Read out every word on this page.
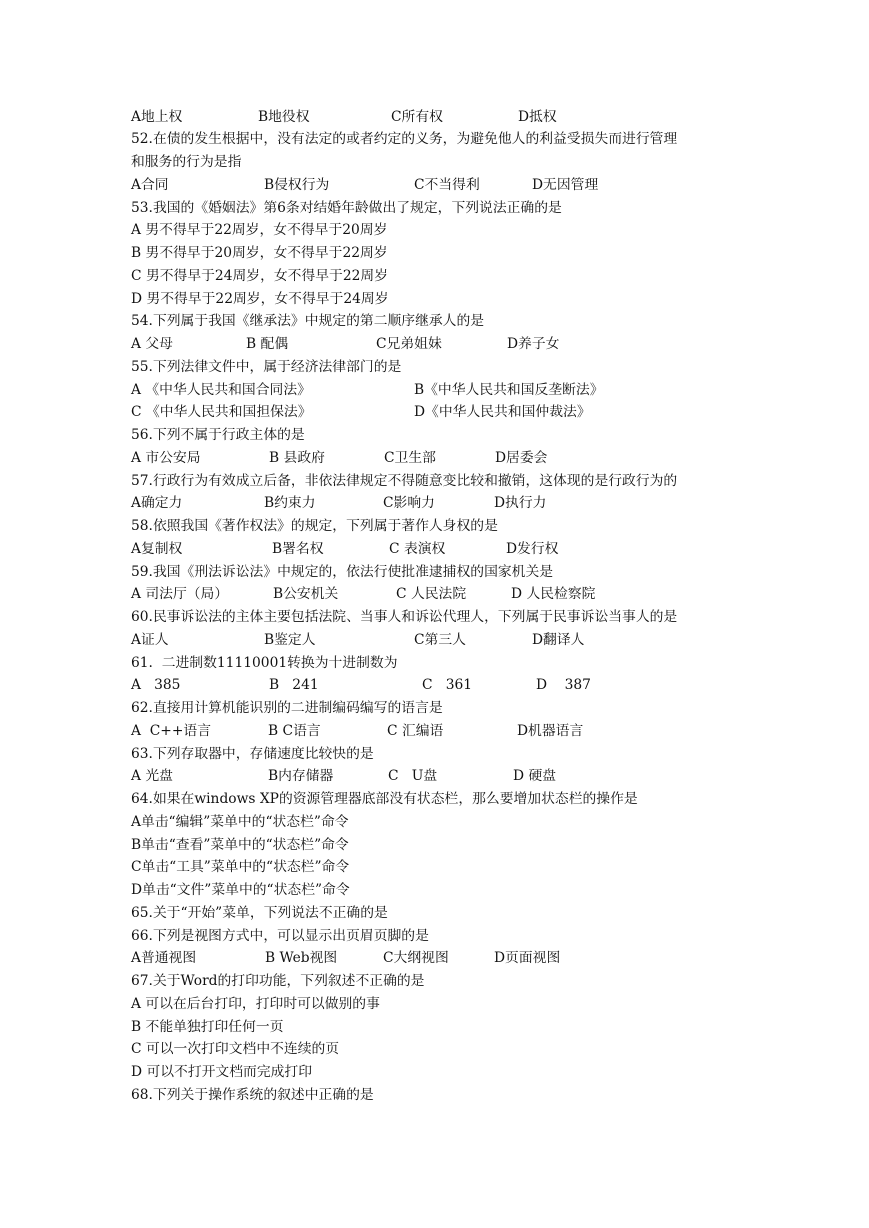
A地上权	B地役权	C所有权	D抵权
52.在债的发生根据中，没有法定的或者约定的义务，为避免他人的利益受损失而进行管理
和服务的行为是指
A合同	B侵权行为	C不当得利	D无因管理
53.我国的《婚姻法》第6条对结婚年龄做出了规定，下列说法正确的是
A 男不得早于22周岁，女不得早于20周岁
B 男不得早于20周岁，女不得早于22周岁
C 男不得早于24周岁，女不得早于22周岁
D 男不得早于22周岁，女不得早于24周岁
54.下列属于我国《继承法》中规定的第二顺序继承人的是
A 父母	B 配偶	C兄弟姐妹	D养子女
55.下列法律文件中，属于经济法律部门的是
A 《中华人民共和国合同法》	B《中华人民共和国反垄断法》
C 《中华人民共和国担保法》	D《中华人民共和国仲裁法》
56.下列不属于行政主体的是
A 市公安局	B 县政府	C卫生部	D居委会
57.行政行为有效成立后备，非依法律规定不得随意变比较和撤销，这体现的是行政行为的
A确定力	B约束力	C影响力	D执行力
58.依照我国《著作权法》的规定，下列属于著作人身权的是
A复制权	B署名权	C 表演权	D发行权
59.我国《刑法诉讼法》中规定的，依法行使批准逮捕权的国家机关是
A 司法厅（局）	B公安机关	C 人民法院	D 人民检察院
60.民事诉讼法的主体主要包括法院、当事人和诉讼代理人，下列属于民事诉讼当事人的是
A证人	B鉴定人	C第三人	D翻译人
61.  二进制数11110001转换为十进制数为
A   385	B   241	C   361	D    387
62.直接用计算机能识别的二进制编码编写的语言是
A  C++语言	B C语言	C 汇编语	D机器语言
63.下列存取器中，存储速度比较快的是
A 光盘	B内存储器	C   U盘	D 硬盘
64.如果在windows XP的资源管理器底部没有状态栏，那么要增加状态栏的操作是
A单击“编辑”菜单中的“状态栏”命令
B单击“查看”菜单中的“状态栏”命令
C单击“工具”菜单中的“状态栏”命令
D单击“文件”菜单中的“状态栏”命令
65.关于“开始”菜单，下列说法不正确的是
66.下列是视图方式中，可以显示出页眉页脚的是
A普通视图	B Web视图	C大纲视图	D页面视图
67.关于Word的打印功能，下列叙述不正确的是
A 可以在后台打印，打印时可以做别的事
B 不能单独打印任何一页
C 可以一次打印文档中不连续的页
D 可以不打开文档而完成打印
68.下列关于操作系统的叙述中正确的是
